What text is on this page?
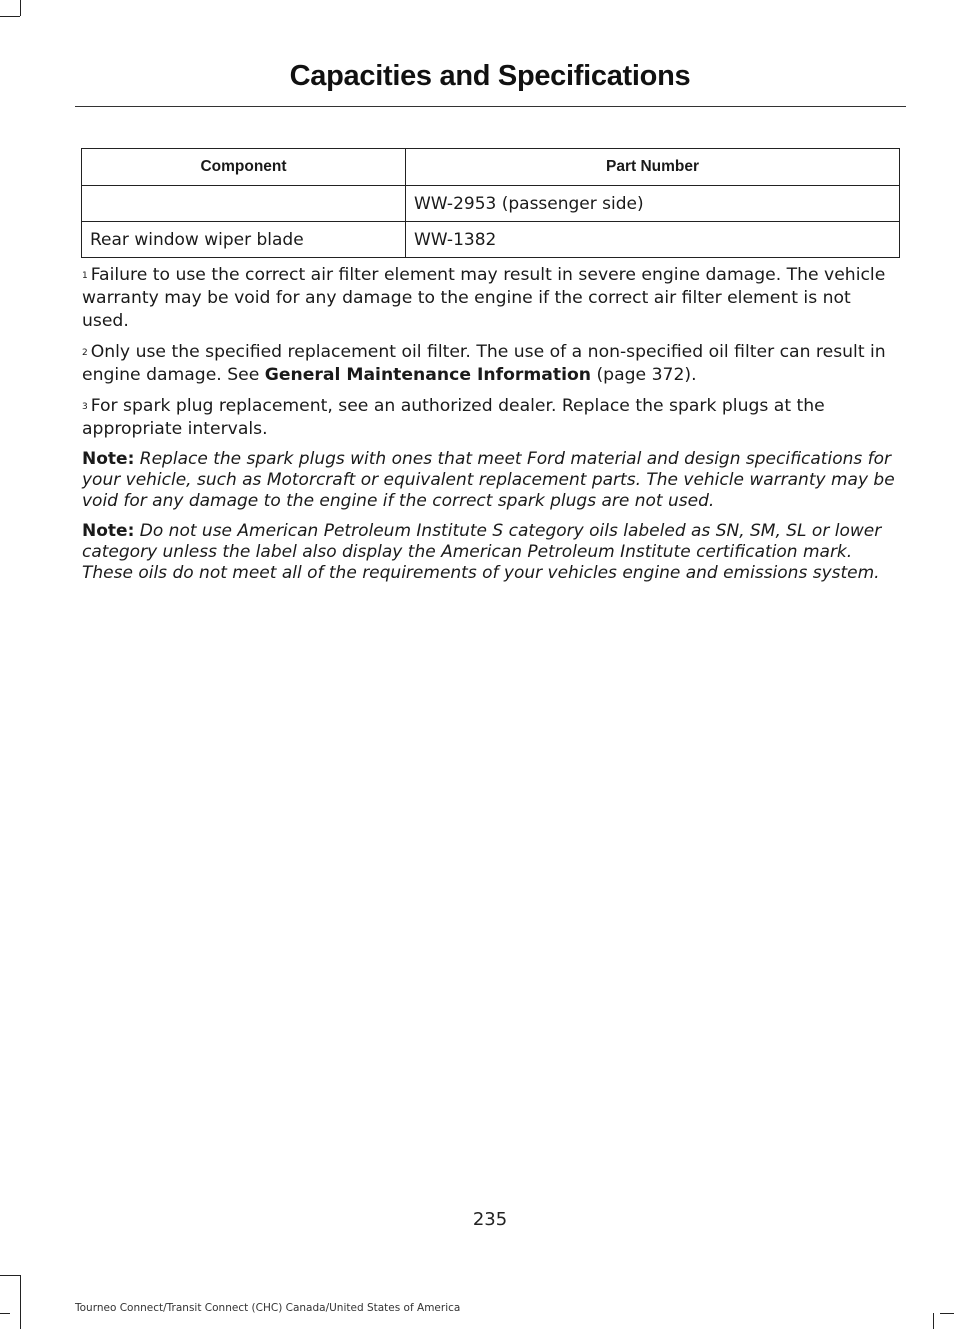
Capacities and Specifications
Component	Part Number
	WW-2953 (passenger side)
Rear window wiper blade	WW-1382

$^1$ Failure to use the correct air filter element may result in severe engine damage. The vehicle warranty may be void for any damage to the engine if the correct air filter element is not used.

$^2$ Only use the specified replacement oil filter. The use of a non-specified oil filter can result in engine damage. See General Maintenance Information (page 372).

$^3$ For spark plug replacement, see an authorized dealer. Replace the spark plugs at the appropriate intervals.

Note: Replace the spark plugs with ones that meet Ford material and design specifications for your vehicle, such as Motorcraft or equivalent replacement parts. The vehicle warranty may be void for any damage to the engine if the correct spark plugs are not used.

Note: Do not use American Petroleum Institute S category oils labeled as SN, SM, SL or lower category unless the label also display the American Petroleum Institute certification mark. These oils do not meet all of the requirements of your vehicles engine and emissions system.

235
Tourneo Connect/Transit Connect (CHC) Canada/United States of America
